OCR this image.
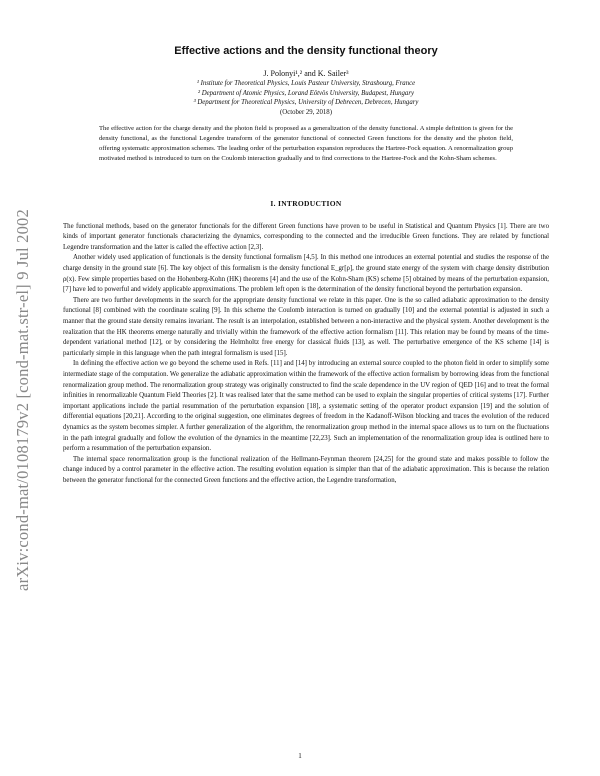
arXiv:cond-mat/0108179v2 [cond-mat.str-el] 9 Jul 2002
Effective actions and the density functional theory
J. Polonyi¹,² and K. Sailer³
¹ Institute for Theoretical Physics, Louis Pasteur University, Strasbourg, France
² Department of Atomic Physics, Lorand Eötvös University, Budapest, Hungary
³ Department for Theoretical Physics, University of Debrecen, Debrecen, Hungary
(October 29, 2018)
The effective action for the charge density and the photon field is proposed as a generalization of the density functional. A simple definition is given for the density functional, as the functional Legendre transform of the generator functional of connected Green functions for the density and the photon field, offering systematic approximation schemes. The leading order of the perturbation expansion reproduces the Hartree-Fock equation. A renormalization group motivated method is introduced to turn on the Coulomb interaction gradually and to find corrections to the Hartree-Fock and the Kohn-Sham schemes.
I. INTRODUCTION

The functional methods, based on the generator functionals for the different Green functions have proven to be useful in Statistical and Quantum Physics [1]. There are two kinds of important generator functionals characterizing the dynamics, corresponding to the connected and the irreducible Green functions. They are related by functional Legendre transformation and the latter is called the effective action [2,3].

Another widely used application of functionals is the density functional formalism [4,5]. In this method one introduces an external potential and studies the response of the charge density in the ground state [6]. The key object of this formalism is the density functional E_gr[ρ], the ground state energy of the system with charge density distribution ρ(x). Few simple properties based on the Hohenberg-Kohn (HK) theorems [4] and the use of the Kohn-Sham (KS) scheme [5] obtained by means of the perturbation expansion, [7] have led to powerful and widely applicable approximations. The problem left open is the determination of the density functional beyond the perturbation expansion.

There are two further developments in the search for the appropriate density functional we relate in this paper. One is the so called adiabatic approximation to the density functional [8] combined with the coordinate scaling [9]. In this scheme the Coulomb interaction is turned on gradually [10] and the external potential is adjusted in such a manner that the ground state density remains invariant. The result is an interpolation, established between a non-interactive and the physical system. Another development is the realization that the HK theorems emerge naturally and trivially within the framework of the effective action formalism [11]. This relation may be found by means of the time-dependent variational method [12], or by considering the Helmholtz free energy for classical fluids [13], as well. The perturbative emergence of the KS scheme [14] is particularly simple in this language when the path integral formalism is used [15].

In defining the effective action we go beyond the scheme used in Refs. [11] and [14] by introducing an external source coupled to the photon field in order to simplify some intermediate stage of the computation. We generalize the adiabatic approximation within the framework of the effective action formalism by borrowing ideas from the functional renormalization group method. The renormalization group strategy was originally constructed to find the scale dependence in the UV region of QED [16] and to treat the formal infinities in renormalizable Quantum Field Theories [2]. It was realised later that the same method can be used to explain the singular properties of critical systems [17]. Further important applications include the partial resummation of the perturbation expansion [18], a systematic setting of the operator product expansion [19] and the solution of differential equations [20,21]. According to the original suggestion, one eliminates degrees of freedom in the Kadanoff-Wilson blocking and traces the evolution of the reduced dynamics as the system becomes simpler. A further generalization of the algorithm, the renormalization group method in the internal space allows us to turn on the fluctuations in the path integral gradually and follow the evolution of the dynamics in the meantime [22,23]. Such an implementation of the renormalization group idea is outlined here to perform a resummation of the perturbation expansion.

The internal space renormalization group is the functional realization of the Hellmann-Feynman theorem [24,25] for the ground state and makes possible to follow the change induced by a control parameter in the effective action. The resulting evolution equation is simpler than that of the adiabatic approximation. This is because the relation between the generator functional for the connected Green functions and the effective action, the Legendre transformation,

1
